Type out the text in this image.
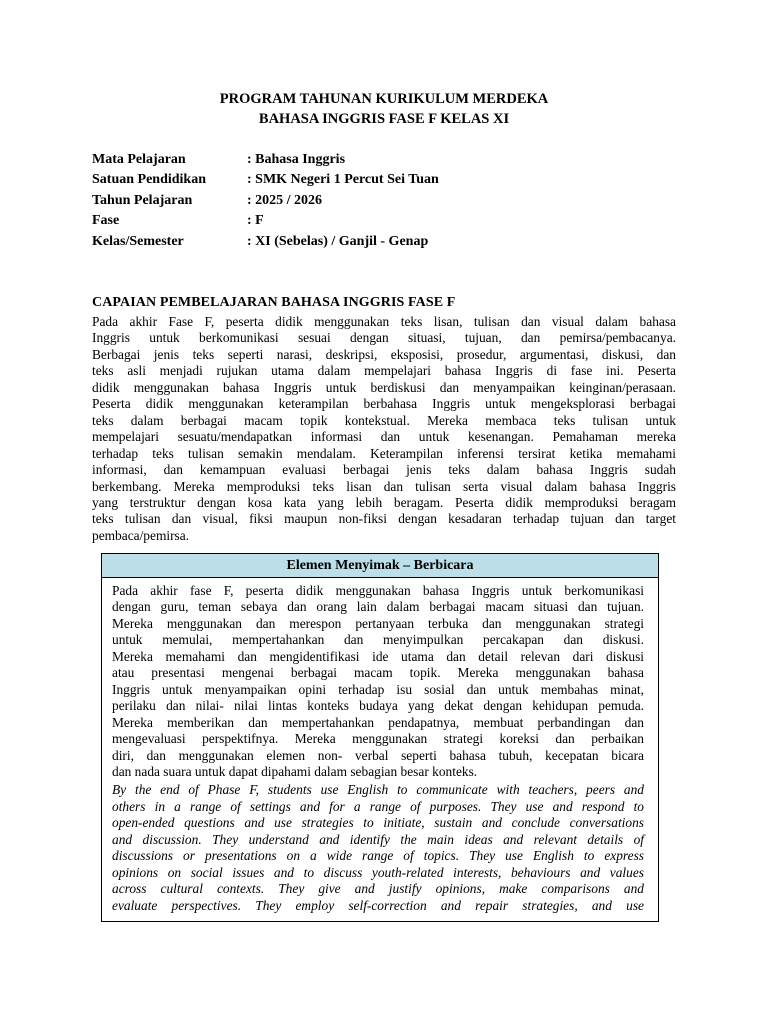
PROGRAM TAHUNAN KURIKULUM MERDEKA
BAHASA INGGRIS FASE F KELAS XI
Mata Pelajaran	: Bahasa Inggris
Satuan Pendidikan	: SMK Negeri 1 Percut Sei Tuan
Tahun Pelajaran	: 2025 / 2026
Fase	: F
Kelas/Semester	: XI (Sebelas) / Ganjil - Genap
CAPAIAN PEMBELAJARAN BAHASA INGGRIS FASE F
Pada akhir Fase F, peserta didik menggunakan teks lisan, tulisan dan visual dalam bahasa
Inggris untuk berkomunikasi sesuai dengan situasi, tujuan, dan pemirsa/pembacanya.
Berbagai jenis teks seperti narasi, deskripsi, eksposisi, prosedur, argumentasi, diskusi, dan
teks asli menjadi rujukan utama dalam mempelajari bahasa Inggris di fase ini. Peserta
didik menggunakan bahasa Inggris untuk berdiskusi dan menyampaikan keinginan/perasaan.
Peserta didik menggunakan keterampilan berbahasa Inggris untuk mengeksplorasi berbagai
teks dalam berbagai macam topik kontekstual. Mereka membaca teks tulisan untuk
mempelajari sesuatu/mendapatkan informasi dan untuk kesenangan. Pemahaman mereka
terhadap teks tulisan semakin mendalam. Keterampilan inferensi tersirat ketika memahami
informasi, dan kemampuan evaluasi berbagai jenis teks dalam bahasa Inggris sudah
berkembang. Mereka memproduksi teks lisan dan tulisan serta visual dalam bahasa Inggris
yang terstruktur dengan kosa kata yang lebih beragam. Peserta didik memproduksi beragam
teks tulisan dan visual, fiksi maupun non-fiksi dengan kesadaran terhadap tujuan dan target
pembaca/pemirsa.
Elemen Menyimak – Berbicara
Pada akhir fase F, peserta didik menggunakan bahasa Inggris untuk berkomunikasi
dengan guru, teman sebaya dan orang lain dalam berbagai macam situasi dan tujuan.
Mereka menggunakan dan merespon pertanyaan terbuka dan menggunakan strategi
untuk memulai, mempertahankan dan menyimpulkan percakapan dan diskusi.
Mereka memahami dan mengidentifikasi ide utama dan detail relevan dari diskusi
atau presentasi mengenai berbagai macam topik. Mereka menggunakan bahasa
Inggris untuk menyampaikan opini terhadap isu sosial dan untuk membahas minat,
perilaku dan nilai- nilai lintas konteks budaya yang dekat dengan kehidupan pemuda.
Mereka memberikan dan mempertahankan pendapatnya, membuat perbandingan dan
mengevaluasi perspektifnya. Mereka menggunakan strategi koreksi dan perbaikan
diri, dan menggunakan elemen non- verbal seperti bahasa tubuh, kecepatan bicara
dan nada suara untuk dapat dipahami dalam sebagian besar konteks.
By the end of Phase F, students use English to communicate with teachers, peers and
others in a range of settings and for a range of purposes. They use and respond to
open-ended questions and use strategies to initiate, sustain and conclude conversations
and discussion. They understand and identify the main ideas and relevant details of
discussions or presentations on a wide range of topics. They use English to express
opinions on social issues and to discuss youth-related interests, behaviours and values
across cultural contexts. They give and justify opinions, make comparisons and
evaluate perspectives. They employ self-correction and repair strategies, and use
